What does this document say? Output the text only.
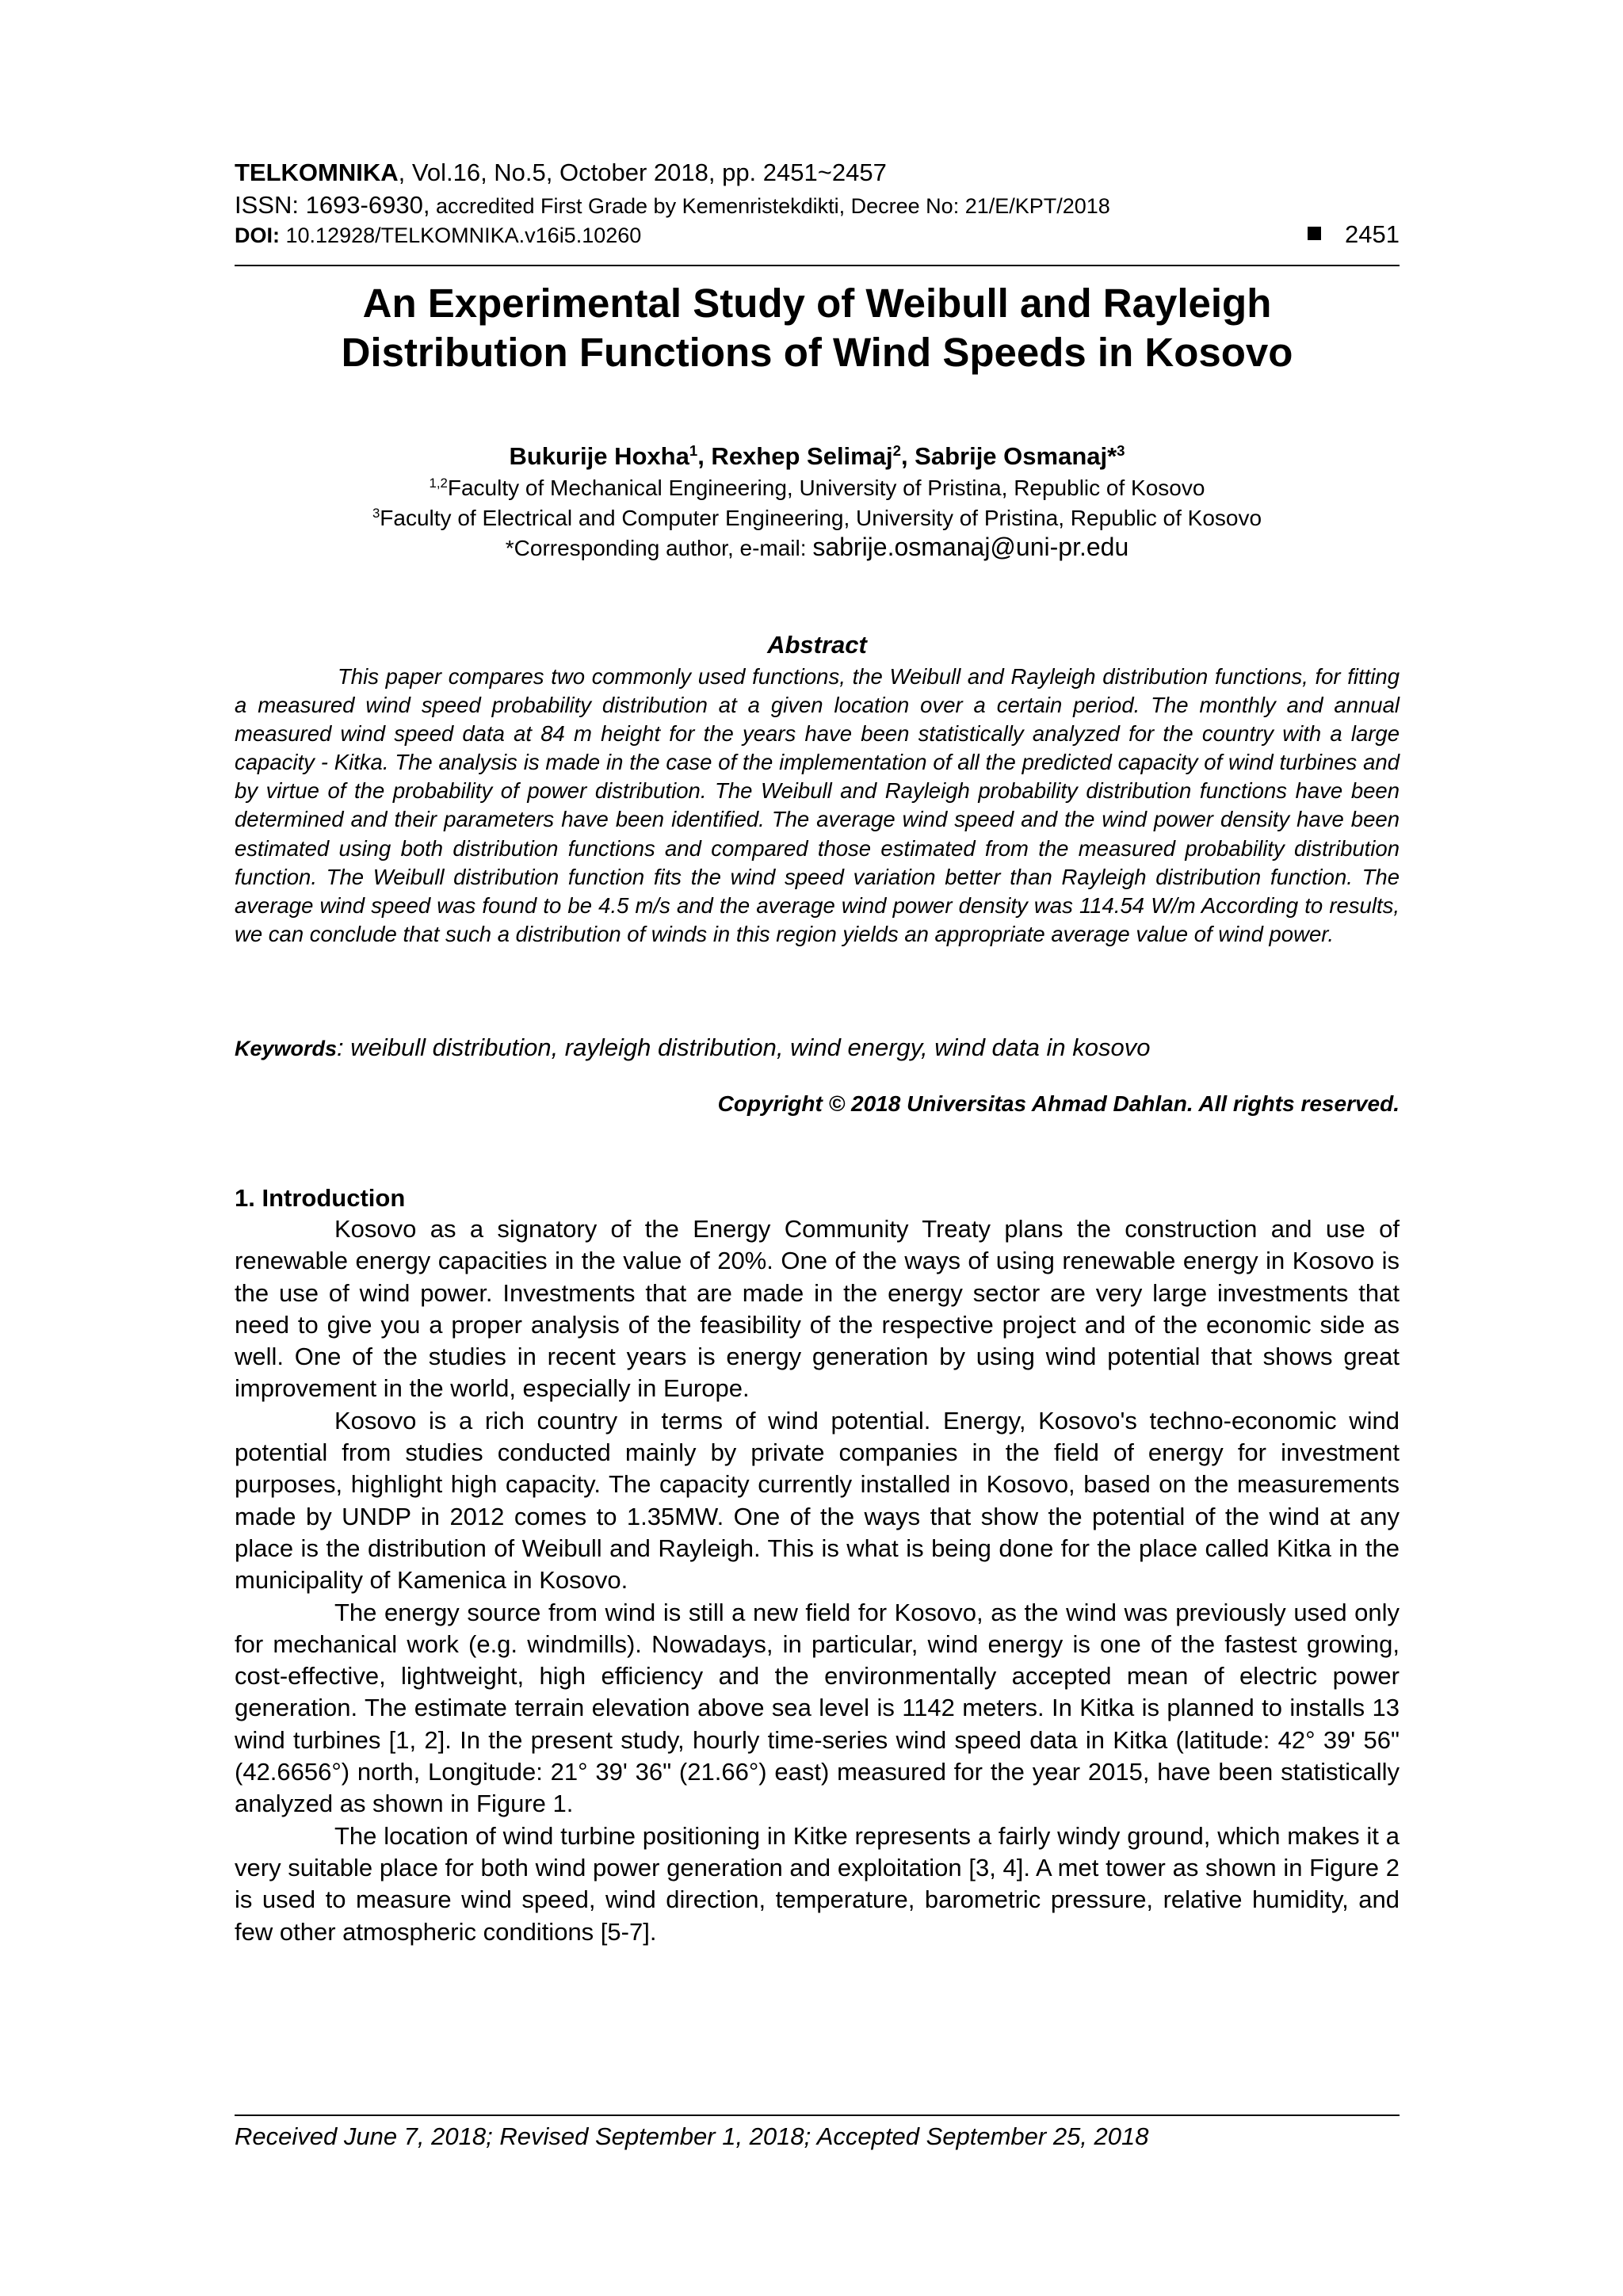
TELKOMNIKA, Vol.16, No.5, October 2018, pp. 2451~2457
ISSN: 1693-6930, accredited First Grade by Kemenristekdikti, Decree No: 21/E/KPT/2018
DOI: 10.12928/TELKOMNIKA.v16i5.10260	2451
An Experimental Study of Weibull and Rayleigh
Distribution Functions of Wind Speeds in Kosovo
Bukurije Hoxha$^1$, Rexhep Selimaj$^2$, Sabrije Osmanaj*$^3$
$^{1,2}$Faculty of Mechanical Engineering, University of Pristina, Republic of Kosovo
$^3$Faculty of Electrical and Computer Engineering, University of Pristina, Republic of Kosovo
*Corresponding author, e-mail: sabrije.osmanaj@uni-pr.edu
Abstract
This paper compares two commonly used functions, the Weibull and Rayleigh distribution functions, for fitting a measured wind speed probability distribution at a given location over a certain period. The monthly and annual measured wind speed data at 84 m height for the years have been statistically analyzed for the country with a large capacity - Kitka. The analysis is made in the case of the implementation of all the predicted capacity of wind turbines and by virtue of the probability of power distribution. The Weibull and Rayleigh probability distribution functions have been determined and their parameters have been identified. The average wind speed and the wind power density have been estimated using both distribution functions and compared those estimated from the measured probability distribution function. The Weibull distribution function fits the wind speed variation better than Rayleigh distribution function. The average wind speed was found to be 4.5 m/s and the average wind power density was 114.54 W/m According to results, we can conclude that such a distribution of winds in this region yields an appropriate average value of wind power.
Keywords: weibull distribution, rayleigh distribution, wind energy, wind data in kosovo
Copyright © 2018 Universitas Ahmad Dahlan. All rights reserved.
1. Introduction

Kosovo as a signatory of the Energy Community Treaty plans the construction and use of renewable energy capacities in the value of 20%. One of the ways of using renewable energy in Kosovo is the use of wind power. Investments that are made in the energy sector are very large investments that need to give you a proper analysis of the feasibility of the respective project and of the economic side as well. One of the studies in recent years is energy generation by using wind potential that shows great improvement in the world, especially in Europe.

Kosovo is a rich country in terms of wind potential. Energy, Kosovo's techno-economic wind potential from studies conducted mainly by private companies in the field of energy for investment purposes, highlight high capacity. The capacity currently installed in Kosovo, based on the measurements made by UNDP in 2012 comes to 1.35MW. One of the ways that show the potential of the wind at any place is the distribution of Weibull and Rayleigh. This is what is being done for the place called Kitka in the municipality of Kamenica in Kosovo.

The energy source from wind is still a new field for Kosovo, as the wind was previously used only for mechanical work (e.g. windmills). Nowadays, in particular, wind energy is one of the fastest growing, cost-effective, lightweight, high efficiency and the environmentally accepted mean of electric power generation. The estimate terrain elevation above sea level is 1142 meters. In Kitka is planned to installs 13 wind turbines [1, 2]. In the present study, hourly time-series wind speed data in Kitka (latitude: 42° 39' 56" (42.6656°) north, Longitude: 21° 39' 36" (21.66°) east) measured for the year 2015, have been statistically analyzed as shown in Figure 1.

The location of wind turbine positioning in Kitke represents a fairly windy ground, which makes it a very suitable place for both wind power generation and exploitation [3, 4]. A met tower as shown in Figure 2 is used to measure wind speed, wind direction, temperature, barometric pressure, relative humidity, and few other atmospheric conditions [5-7].

Received June 7, 2018; Revised September 1, 2018; Accepted September 25, 2018
